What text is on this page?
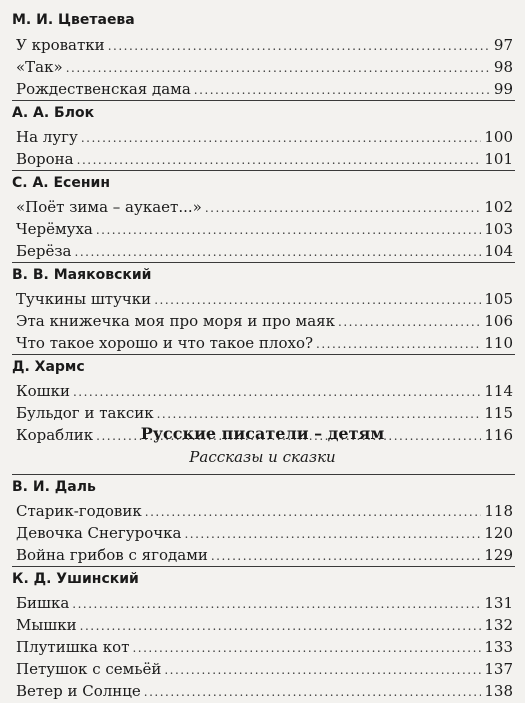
М. И. Цветаева
У кроватки .....	97
«Так» .....	98
Рождественская дама .....	99
А. А. Блок
На лугу .....	100
Ворона .....	101
С. А. Есенин
«Поёт зима – аукает...» .....	102
Черёмуха .....	103
Берёза .....	104
В. В. Маяковский
Тучкины штучки .....	105
Эта книжечка моя про моря и про маяк .....	106
Что такое хорошо и что такое плохо? .....	110
Д. Хармс
Кошки .....	114
Бульдог и таксик .....	115
Кораблик .....	116
Русские писатели – детям
Рассказы и сказки
В. И. Даль
Старик-годовик .....	118
Девочка Снегурочка .....	120
Война грибов с ягодами .....	129
К. Д. Ушинский
Бишка .....	131
Мышки .....	132
Плутишка кот .....	133
Петушок с семьёй .....	137
Ветер и Солнце .....	138
